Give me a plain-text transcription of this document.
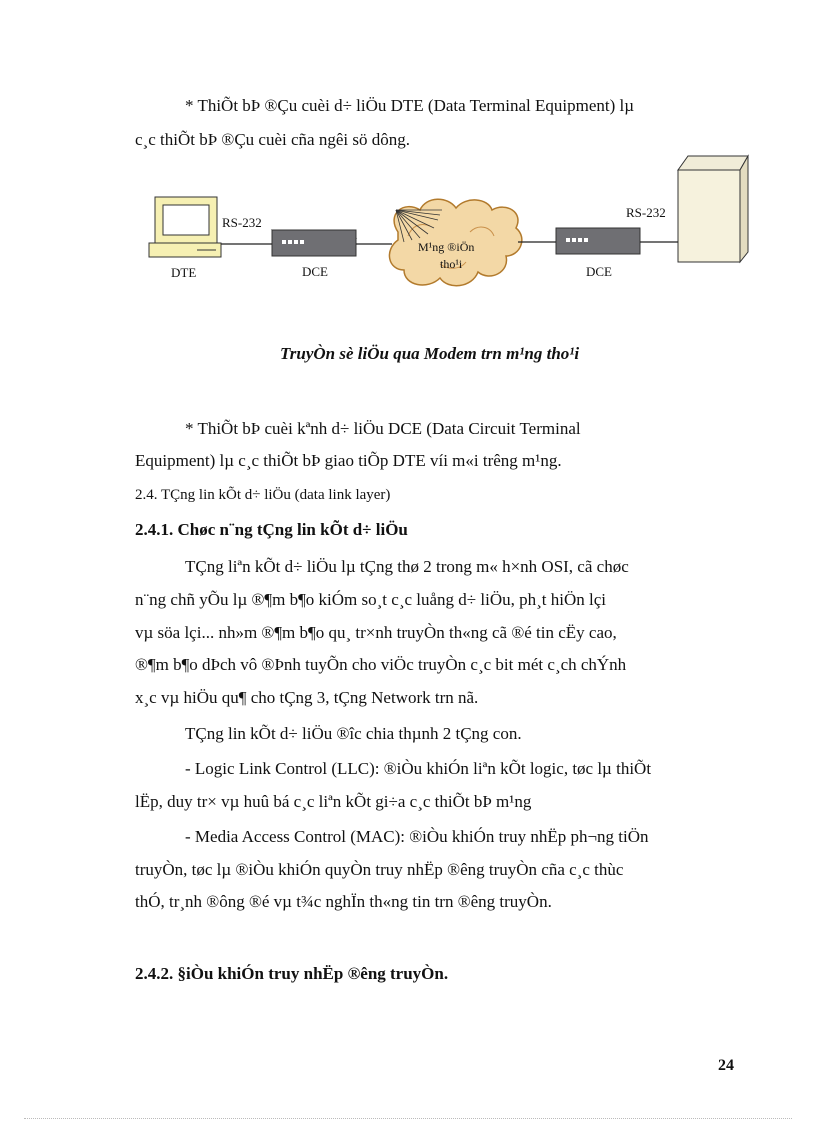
* ThiÕt bÞ ®Çu cuèi d÷ liÖu DTE (Data Terminal Equipment) lµ
c¸c thiÕt bÞ ®Çu cuèi cña ngêi sö dông.
RS-232
RS-232
DTE	DCE	DCE
M¹ng ®iÖn
tho¹i
TruyÒn sè liÖu qua Modem trn m¹ng tho¹i
* ThiÕt bÞ cuèi kªnh d÷ liÖu DCE (Data Circuit Terminal
Equipment) lµ c¸c thiÕt bÞ giao tiÕp DTE víi m«i trêng m¹ng.
2.4. TÇng lin kÕt d÷ liÖu (data link layer)
2.4.1. Chøc n¨ng tÇng lin kÕt d÷ liÖu
TÇng liªn kÕt d÷ liÖu lµ tÇng thø 2 trong m« h×nh OSI, cã chøc
n¨ng chñ yÕu lµ ®¶m b¶o kiÓm so¸t c¸c luång d÷ liÖu, ph¸t hiÖn lçi
vµ söa lçi... nh»m ®¶m b¶o qu¸ tr×nh truyÒn th«ng cã ®é tin cËy cao,
®¶m b¶o dÞch vô ®Þnh tuyÕn cho viÖc truyÒn c¸c bit mét c¸ch chÝnh
x¸c vµ hiÖu qu¶ cho tÇng 3, tÇng Network trn nã.
TÇng lin kÕt d÷ liÖu ®îc chia thµnh 2 tÇng con.
- Logic Link Control (LLC): ®iÒu khiÓn liªn kÕt logic, tøc lµ thiÕt
lËp, duy tr× vµ huû bá c¸c liªn kÕt gi÷a c¸c thiÕt bÞ m¹ng
- Media Access Control (MAC): ®iÒu khiÓn truy nhËp ph¬ng tiÖn
truyÒn, tøc lµ ®iÒu khiÓn quyÒn truy nhËp ®êng truyÒn cña c¸c thùc
thÓ, tr¸nh ®ông ®é vµ t¾c nghÏn th«ng tin trn ®êng truyÒn.
2.4.2. §iÒu khiÓn truy nhËp ®êng truyÒn.
24
